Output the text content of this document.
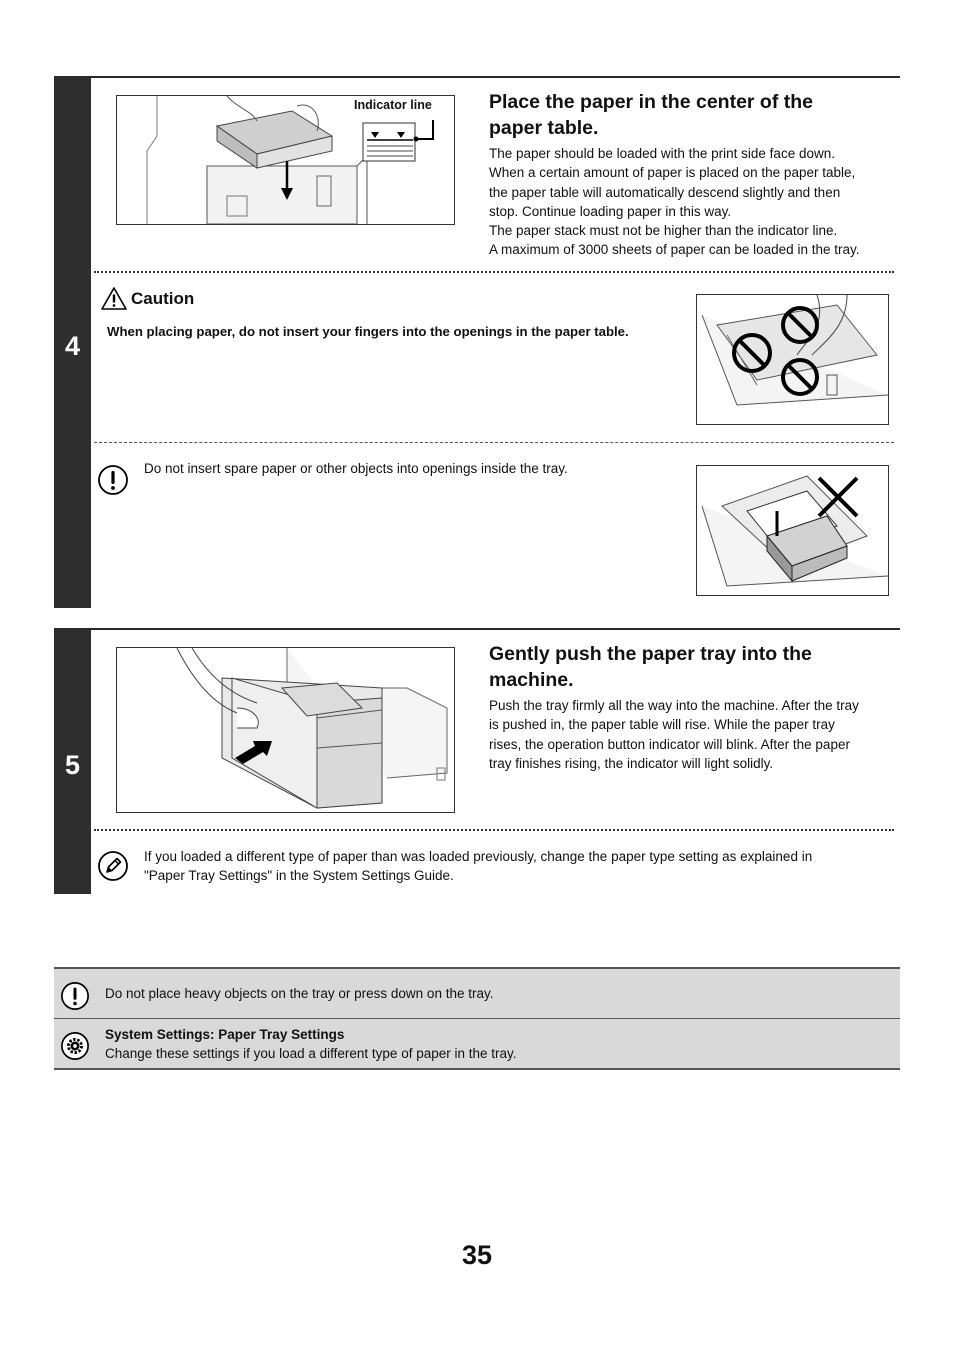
4
Indicator line	Place the paper in the center of the
paper table.
The paper should be loaded with the print side face down.
When a certain amount of paper is placed on the paper table,
the paper table will automatically descend slightly and then
stop. Continue loading paper in this way.
The paper stack must not be higher than the indicator line.
A maximum of 3000 sheets of paper can be loaded in the tray.
Caution
When placing paper, do not insert your fingers into the openings in the paper table.
Do not insert spare paper or other objects into openings inside the tray.
5
Gently push the paper tray into the
machine.
Push the tray firmly all the way into the machine. After the tray
is pushed in, the paper table will rise. While the paper tray
rises, the operation button indicator will blink. After the paper
tray finishes rising, the indicator will light solidly.
If you loaded a different type of paper than was loaded previously, change the paper type setting as explained in
"Paper Tray Settings" in the System Settings Guide.
Do not place heavy objects on the tray or press down on the tray.
System Settings: Paper Tray Settings
Change these settings if you load a different type of paper in the tray.
35
